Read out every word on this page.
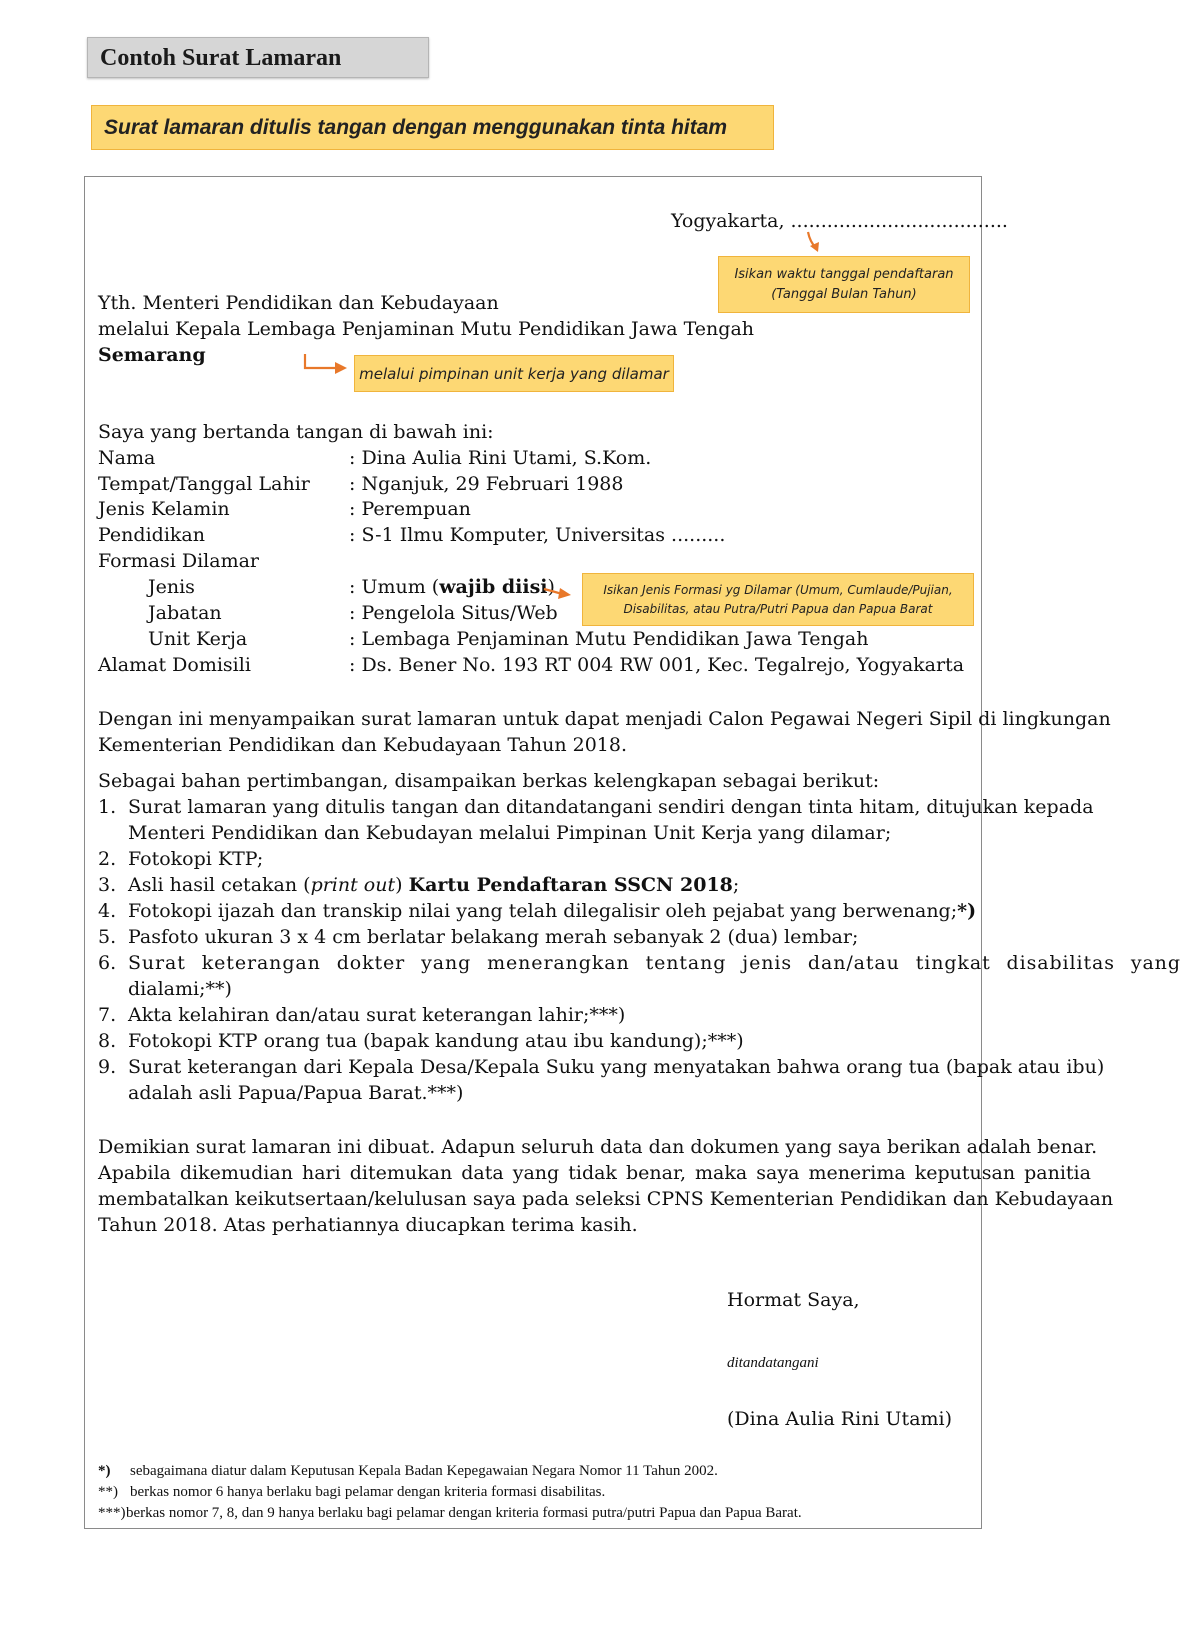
Contoh Surat Lamaran
Surat lamaran ditulis tangan dengan menggunakan tinta hitam
Yogyakarta, ....................................
Isikan waktu tanggal pendaftaran
(Tanggal Bulan Tahun)
Yth. Menteri Pendidikan dan Kebudayaan
melalui Kepala Lembaga Penjaminan Mutu Pendidikan Jawa Tengah
Semarang
melalui pimpinan unit kerja yang dilamar
Saya yang bertanda tangan di bawah ini:
Nama	: Dina Aulia Rini Utami, S.Kom.
Tempat/Tanggal Lahir : Nganjuk, 29 Februari 1988
Jenis Kelamin	: Perempuan
Pendidikan	: S-1 Ilmu Komputer, Universitas .........
Formasi Dilamar
Jenis	: Umum (wajib diisi)	Isikan Jenis Formasi yg Dilamar (Umum, Cumlaude/Pujian,
Disabilitas, atau Putra/Putri Papua dan Papua Barat
Jabatan	: Pengelola Situs/Web
Unit Kerja	: Lembaga Penjaminan Mutu Pendidikan Jawa Tengah
Alamat Domisili	: Ds. Bener No. 193 RT 004 RW 001, Kec. Tegalrejo, Yogyakarta
Dengan ini menyampaikan surat lamaran untuk dapat menjadi Calon Pegawai Negeri Sipil di lingkungan
Kementerian Pendidikan dan Kebudayaan Tahun 2018.
Sebagai bahan pertimbangan, disampaikan berkas kelengkapan sebagai berikut:
1. Surat lamaran yang ditulis tangan dan ditandatangani sendiri dengan tinta hitam, ditujukan kepada
Menteri Pendidikan dan Kebudayan melalui Pimpinan Unit Kerja yang dilamar;
2. Fotokopi KTP;
3. Asli hasil cetakan (print out) Kartu Pendaftaran SSCN 2018;
4. Fotokopi ijazah dan transkip nilai yang telah dilegalisir oleh pejabat yang berwenang;*)
5. Pasfoto ukuran 3 x 4 cm berlatar belakang merah sebanyak 2 (dua) lembar;
6. Surat keterangan dokter yang menerangkan tentang jenis dan/atau tingkat disabilitas yang
dialami;**)
7. Akta kelahiran dan/atau surat keterangan lahir;***)
8. Fotokopi KTP orang tua (bapak kandung atau ibu kandung);***)
9. Surat keterangan dari Kepala Desa/Kepala Suku yang menyatakan bahwa orang tua (bapak atau ibu)
adalah asli Papua/Papua Barat.***)
Demikian surat lamaran ini dibuat. Adapun seluruh data dan dokumen yang saya berikan adalah benar.
Apabila dikemudian hari ditemukan data yang tidak benar, maka saya menerima keputusan panitia
membatalkan keikutsertaan/kelulusan saya pada seleksi CPNS Kementerian Pendidikan dan Kebudayaan
Tahun 2018. Atas perhatiannya diucapkan terima kasih.
Hormat Saya,
ditandatangani
(Dina Aulia Rini Utami)
*) sebagaimana diatur dalam Keputusan Kepala Badan Kepegawaian Negara Nomor 11 Tahun 2002.
**) berkas nomor 6 hanya berlaku bagi pelamar dengan kriteria formasi disabilitas.
***) berkas nomor 7, 8, dan 9 hanya berlaku bagi pelamar dengan kriteria formasi putra/putri Papua dan Papua Barat.
